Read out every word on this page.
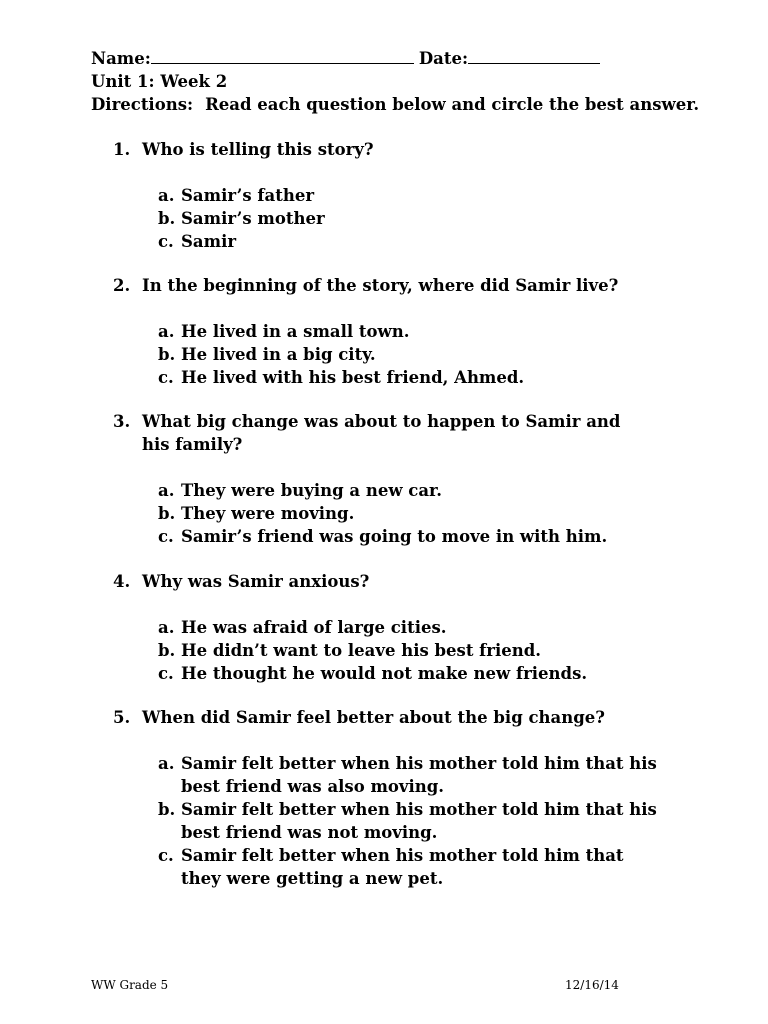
Name:	Date:
Unit 1: Week 2
Directions: Read each question below and circle the best answer.
1. Who is telling this story?
a. Samir’s father
b. Samir’s mother
c. Samir
2. In the beginning of the story, where did Samir live?
a. He lived in a small town.
b. He lived in a big city.
c. He lived with his best friend, Ahmed.
3. What big change was about to happen to Samir and his family?
a. They were buying a new car.
b. They were moving.
c. Samir’s friend was going to move in with him.
4. Why was Samir anxious?
a. He was afraid of large cities.
b. He didn’t want to leave his best friend.
c. He thought he would not make new friends.
5. When did Samir feel better about the big change?
a. Samir felt better when his mother told him that his best friend was also moving.
b. Samir felt better when his mother told him that his best friend was not moving.
c. Samir felt better when his mother told him that they were getting a new pet.
WW Grade 5	12/16/14
